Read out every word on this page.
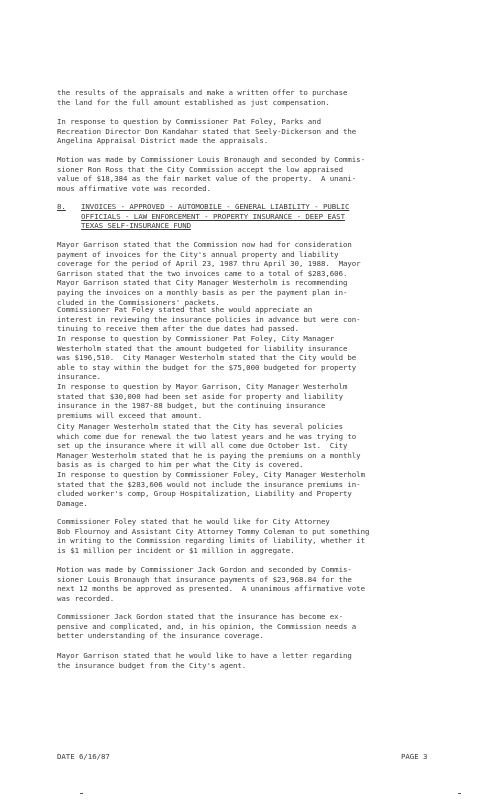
the results of the appraisals and make a written offer to purchase
the land for the full amount established as just compensation.

In response to question by Commissioner Pat Foley, Parks and
Recreation Director Don Kandahar stated that Seely-Dickerson and the
Angelina Appraisal District made the appraisals.

Motion was made by Commissioner Louis Bronaugh and seconded by Commis-
sioner Ron Ross that the City Commission accept the low appraised
value of $18,384 as the fair market value of the property.  A unani-
mous affirmative vote was recorded.

8.

INVOICES - APPROVED - AUTOMOBILE - GENERAL LIABILITY - PUBLIC
OFFICIALS - LAW ENFORCEMENT - PROPERTY INSURANCE - DEEP EAST
TEXAS SELF-INSURANCE FUND

Mayor Garrison stated that the Commission now had for consideration
payment of invoices for the City's annual property and liability
coverage for the period of April 23, 1987 thru April 30, 1988.  Mayor
Garrison stated that the two invoices came to a total of $283,606.
Mayor Garrison stated that City Manager Westerholm is recommending
paying the invoices on a monthly basis as per the payment plan in-
cluded in the Commissioners' packets.

Commissioner Pat Foley stated that she would appreciate an
interest in reviewing the insurance policies in advance but were con-
tinuing to receive them after the due dates had passed.

In response to question by Commissioner Pat Foley, City Manager
Westerholm stated that the amount budgeted for liability insurance
was $196,510.  City Manager Westerholm stated that the City would be
able to stay within the budget for the $75,000 budgeted for property
insurance.

In response to question by Mayor Garrison, City Manager Westerholm
stated that $30,000 had been set aside for property and liability
insurance in the 1987-88 budget, but the continuing insurance
premiums will exceed that amount.

City Manager Westerholm stated that the City has several policies
which come due for renewal the two latest years and he was trying to
set up the insurance where it will all come due October 1st.  City
Manager Westerholm stated that he is paying the premiums on a monthly
basis as is charged to him per what the City is covered.

In response to question by Commissioner Foley, City Manager Westerholm
stated that the $283,606 would not include the insurance premiums in-
cluded worker's comp, Group Hospitalization, Liability and Property
Damage.

Commissioner Foley stated that he would like for City Attorney
Bob Flournoy and Assistant City Attorney Tommy Coleman to put something
in writing to the Commission regarding limits of liability, whether it
is $1 million per incident or $1 million in aggregate.

Motion was made by Commissioner Jack Gordon and seconded by Commis-
sioner Louis Bronaugh that insurance payments of $23,968.84 for the
next 12 months be approved as presented.  A unanimous affirmative vote
was recorded.

Commissioner Jack Gordon stated that the insurance has become ex-
pensive and complicated, and, in his opinion, the Commission needs a
better understanding of the insurance coverage.

Mayor Garrison stated that he would like to have a letter regarding
the insurance budget from the City's agent.

DATE 6/16/87	PAGE 3
